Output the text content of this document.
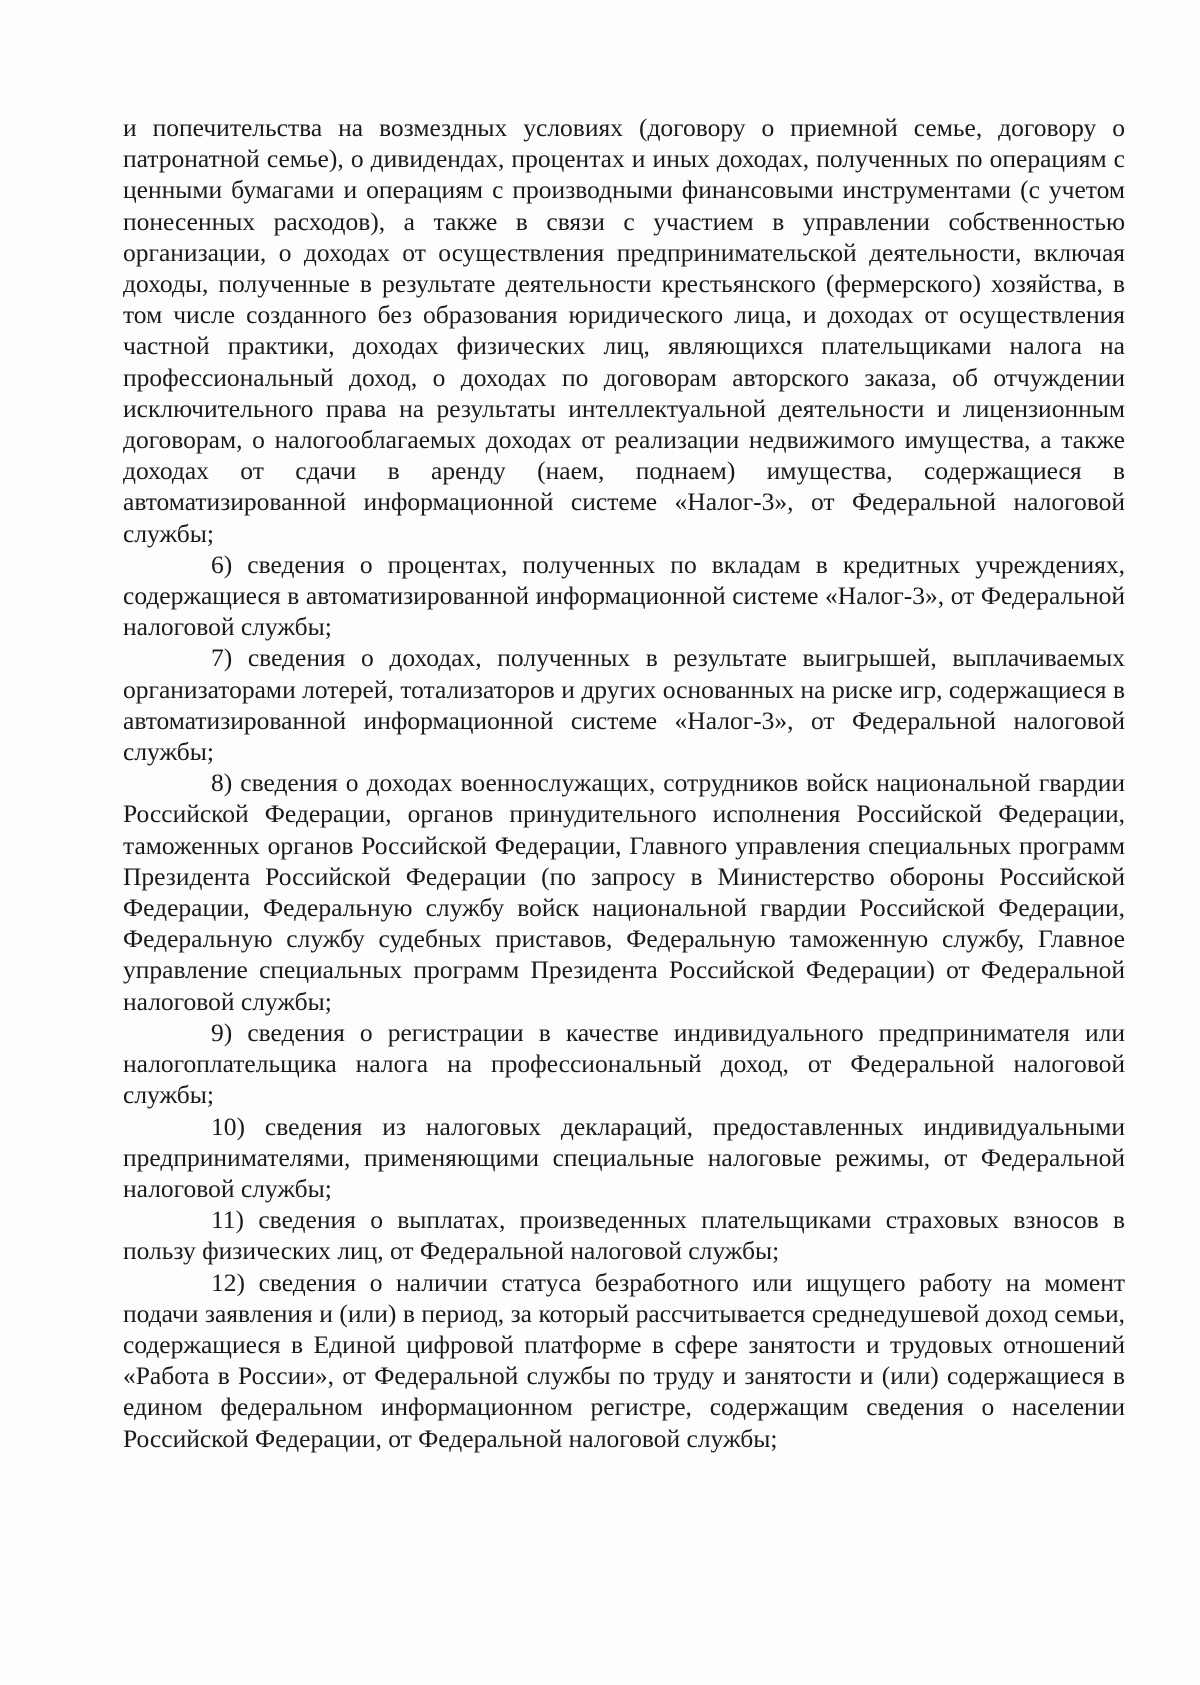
и попечительства на возмездных условиях (договору о приемной семье, договору о патронатной семье), о дивидендах, процентах и иных доходах, полученных по операциям с ценными бумагами и операциям с производными финансовыми инструментами (с учетом понесенных расходов), а также в связи с участием в управлении собственностью организации, о доходах от осуществления предпринимательской деятельности, включая доходы, полученные в результате деятельности крестьянского (фермерского) хозяйства, в том числе созданного без образования юридического лица, и доходах от осуществления частной практики, доходах физических лиц, являющихся плательщиками налога на профессиональный доход, о доходах по договорам авторского заказа, об отчуждении исключительного права на результаты интеллектуальной деятельности и лицензионным договорам, о налогооблагаемых доходах от реализации недвижимого имущества, а также доходах от сдачи в аренду (наем, поднаем) имущества, содержащиеся в автоматизированной информационной системе «Налог-3», от Федеральной налоговой службы;

6) сведения о процентах, полученных по вкладам в кредитных учреждениях, содержащиеся в автоматизированной информационной системе «Налог-3», от Федеральной налоговой службы;

7) сведения о доходах, полученных в результате выигрышей, выплачиваемых организаторами лотерей, тотализаторов и других основанных на риске игр, содержащиеся в автоматизированной информационной системе «Налог-3», от Федеральной налоговой службы;

8) сведения о доходах военнослужащих, сотрудников войск национальной гвардии Российской Федерации, органов принудительного исполнения Российской Федерации, таможенных органов Российской Федерации, Главного управления специальных программ Президента Российской Федерации (по запросу в Министерство обороны Российской Федерации, Федеральную службу войск национальной гвардии Российской Федерации, Федеральную службу судебных приставов, Федеральную таможенную службу, Главное управление специальных программ Президента Российской Федерации) от Федеральной налоговой службы;

9) сведения о регистрации в качестве индивидуального предпринимателя или налогоплательщика налога на профессиональный доход, от Федеральной налоговой службы;

10) сведения из налоговых деклараций, предоставленных индивидуальными предпринимателями, применяющими специальные налоговые режимы, от Федеральной налоговой службы;

11) сведения о выплатах, произведенных плательщиками страховых взносов в пользу физических лиц, от Федеральной налоговой службы;

12) сведения о наличии статуса безработного или ищущего работу на момент подачи заявления и (или) в период, за который рассчитывается среднедушевой доход семьи, содержащиеся в Единой цифровой платформе в сфере занятости и трудовых отношений «Работа в России», от Федеральной службы по труду и занятости и (или) содержащиеся в едином федеральном информационном регистре, содержащим сведения о населении Российской Федерации, от Федеральной налоговой службы;
